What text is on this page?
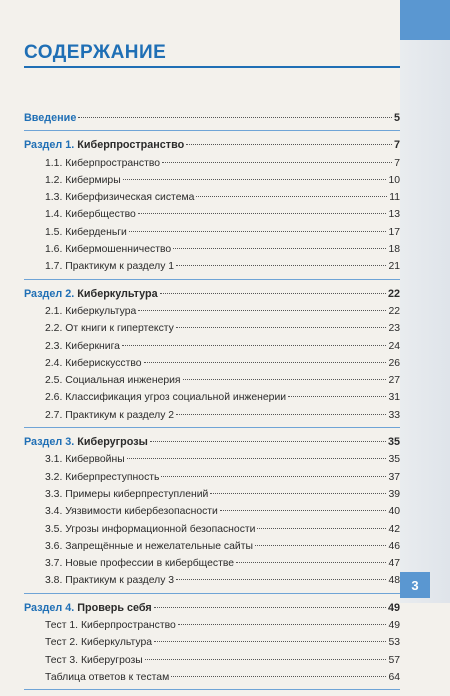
СОДЕРЖАНИЕ
Введение	5
Раздел 1. Киберпространство	7
1.1. Киберпространство	7
1.2. Кибермиры	10
1.3. Киберфизическая система	11
1.4. Кибербщество	13
1.5. Киберденьги	17
1.6. Кибермошенничество	18
1.7. Практикум к разделу 1	21
Раздел 2. Киберкультура	22
2.1. Киберкультура	22
2.2. От книги к гипертексту	23
2.3. Киберкнига	24
2.4. Кибериcкусство	26
2.5. Социальная инженерия	27
2.6. Классификация угроз социальной инженерии	31
2.7. Практикум к разделу 2	33
Раздел 3. Киберугрозы	35
3.1. Кибервойны	35
3.2. Киберпреступность	37
3.3. Примеры киберпреступлений	39
3.4. Уязвимости кибербезопасности	40
3.5. Угрозы информационной безопасности	42
3.6. Запрещённые и нежелательные сайты	46
3.7. Новые профессии в кибербществе	47
3.8. Практикум к разделу 3	48
Раздел 4. Проверь себя	49
Тест 1. Киберпространство	49
Тест 2. Киберкультура	53
Тест 3. Киберугрозы	57
Таблица ответов к тестам	64
3
